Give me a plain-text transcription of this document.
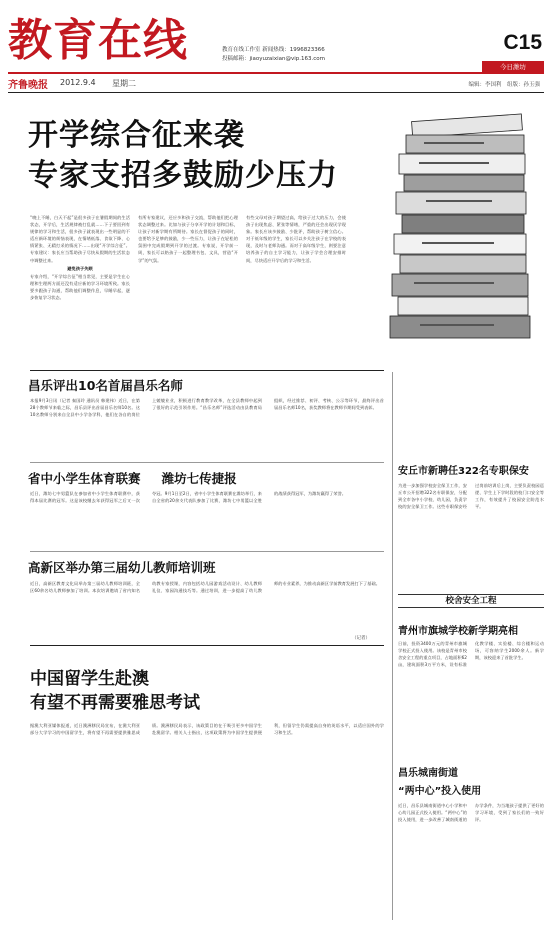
教育在线	教育在线工作室 新闻热线：1996823366
投稿邮箱：jiaoyuzaixian@vip.163.com
C15
今日潍坊
齐鲁晚报 2012.9.4 星期二	编辑：李国利　组版：孙玉强
开学综合征来袭
专家支招多鼓励少压力
“晚上不睡，白天不起”是很多孩子在暑假期间的生活状态，开学后，生活规律被打乱就……下子要回到有规律的学习和生活，很多孩子就表现出一些明显的不适应新环境的烦恼表现，在情绪低落、食欲下降、心情紧张、无精打采的情况下……出现“开学综合征”。专家建议：家长应当帮助孩子尽快从假期的生活状态中调整过来。
避免孩子失眠
专家介绍，“开学综合征”相当常见，主要是学生在心理和生理两方面还没有适应新的学习环境所致。家长要多跟孩子沟通，帮助他们调整作息，早睡早起，逐步恢复学习状态。
有所专家建议，还应多和孩子交流，帮助他们把心理状态调整过来。比如与孩子分享开学的计划和目标，让孩子对新学期有所期待。家长在督促孩子的同时，也要给予足够的鼓励，少一些压力，让孩子在轻松的氛围中完成假期到开学的过渡。专家说，开学前一周，家长可以陪孩子一起整理书包、文具，营造“开学”的气氛。
有些父母对孩子期望过高，给孩子过大的压力，会使孩子出现焦虑、紧张等情绪，严重的还会出现厌学现象。家长应该多鼓励、少批评，帮助孩子树立信心。对于低年级的学生，家长可以多关注孩子在学校的表现，及时与老师沟通。而对于高年级学生，则要注意培养孩子的自主学习能力，让孩子学会合理安排时间，尽快适应开学后的学习和生活。
昌乐评出10名首届昌乐名师
本报9月3日讯（记者 秦国玲 通讯员 韩建伟）近日，在第28个教师节来临之际，昌乐县评出首届昌乐名师10名。这10名教师分别来自全县中小学各学科，他们在各自的岗位上兢兢业业，积极进行教育教学改革，在全县教师中起到了很好的示范引领作用。“昌乐名师”评选活动由县教育局组织，经过推荐、初评、考核、公示等环节，最终评出首届昌乐名师10名，获奖教师将在教师节期间受到表彰。
省中小学生体育联赛 潍坊七传捷报
近日，潍坊七中男篮队在参加省中小学生体育联赛中，获得本届比赛的冠军。这是该校继去年获得冠军之后又一次夺冠。9月1日至2日，省中小学生体育联赛在潍坊举行，来自全省的20余支代表队参加了比赛，潍坊七中男篮以全胜的战绩获得冠军，为潍坊赢得了荣誉。
高新区举办第三届幼儿教师培训班
近日，高新区教育文化局举办第三届幼儿教师培训班，全区60余名幼儿教师参加了培训。本次培训邀请了省内知名幼教专家授课，内容包括幼儿园游戏活动设计、幼儿教师礼仪、家园沟通技巧等。通过培训，进一步提高了幼儿教师的专业素养，为推动高新区学前教育发展打下了基础。
（记者）
中国留学生赴澳
有望不再需要雅思考试
据澳大利亚媒体报道，近日澳洲移民局宣布，在澳大利亚部分大学学习的中国留学生，将有望不再需要提供雅思成绩。澳洲移民局表示，该政策目的在于吸引更多中国学生赴澳留学。相关人士指出，这项政策将为中国学生提供便利，但留学生仍需提高自身的英语水平，以适应国外的学习和生活。
安丘市新聘任322名专职保安
为进一步加强学校安全保卫工作，安丘市公开招聘322名专职保安，分配到全市各中小学校、幼儿园，负责学校的安全保卫工作。这些专职保安经过岗前培训后上岗，主要负责校园巡逻、学生上下学时段的校门口安全等工作，有效提升了校园安全防范水平。
校舍安全工程
青州市旗城学校新学期亮相
日前，投资3400万元的青州市旗城学校正式投入使用。该校是青州市校舍安全工程的重点项目，占地面积62亩，建筑面积3万平方米，设有标准化教学楼、实验楼、综合楼和运动场，可容纳学生2000余人。新学期，该校迎来了首批学生。
昌乐城南街道
“两中心”投入使用
近日，昌乐县城南街道中心小学和中心幼儿园正式投入使用。“两中心”的投入使用，进一步改善了城南街道的办学条件，为当地孩子提供了更好的学习环境，受到了家长们的一致好评。
